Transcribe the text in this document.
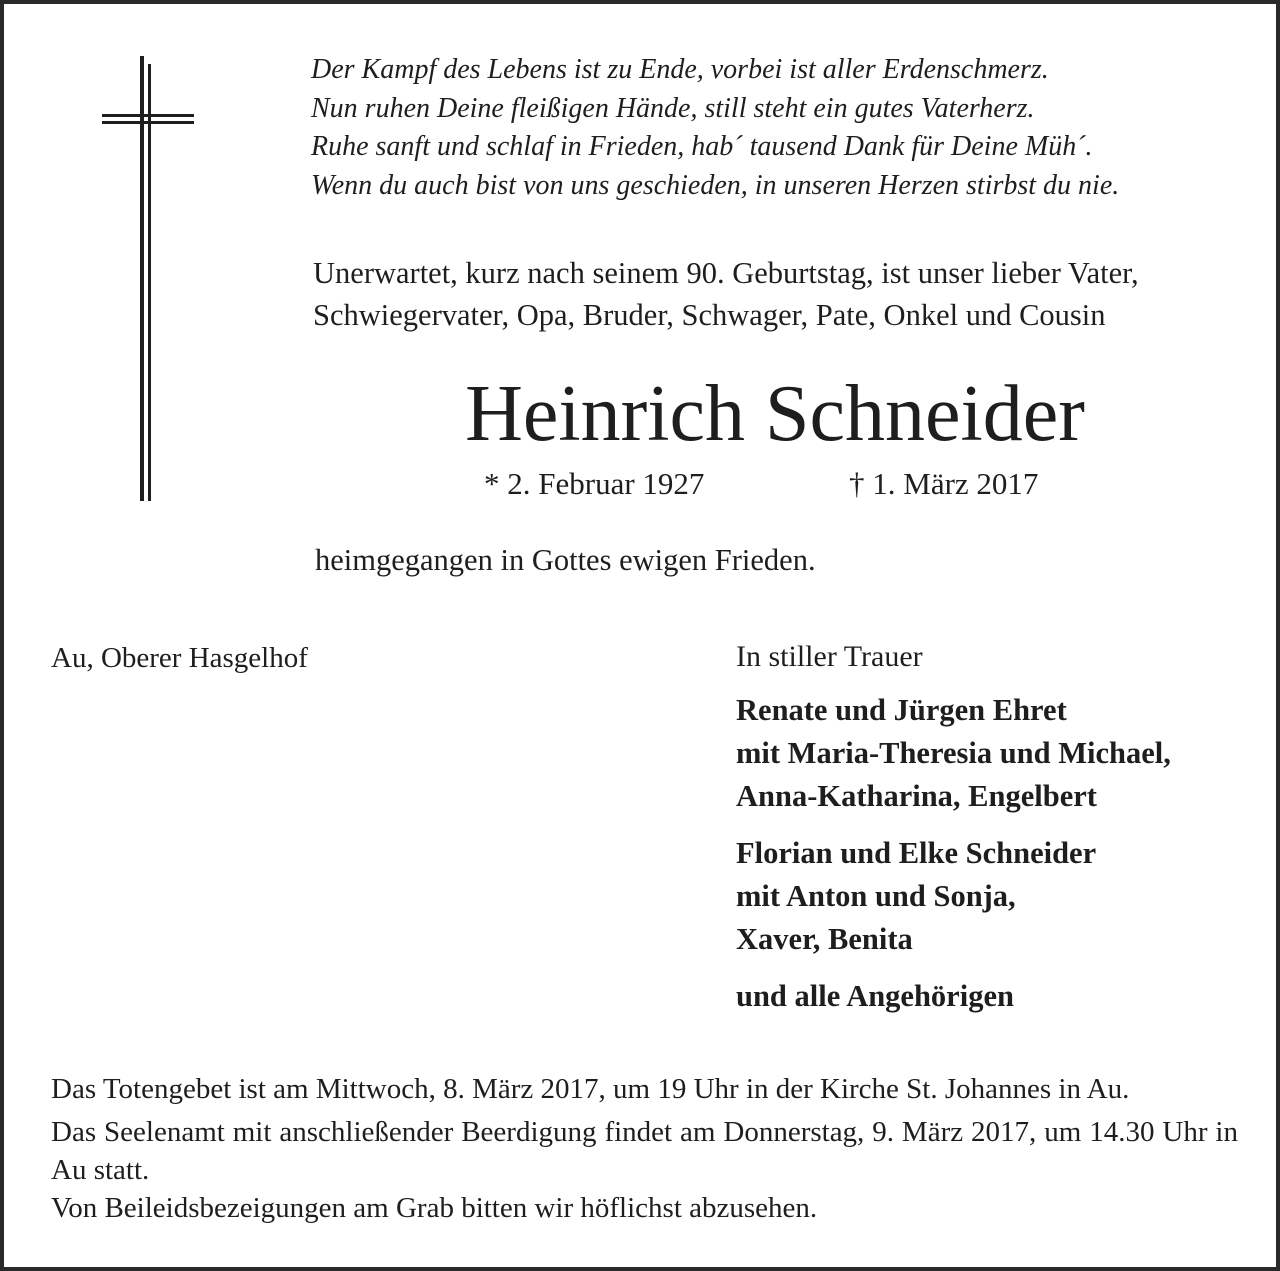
Der Kampf des Lebens ist zu Ende, vorbei ist aller Erdenschmerz.
Nun ruhen Deine fleißigen Hände, still steht ein gutes Vaterherz.
Ruhe sanft und schlaf in Frieden, hab´ tausend Dank für Deine Müh´.
Wenn du auch bist von uns geschieden, in unseren Herzen stirbst du nie.
Unerwartet, kurz nach seinem 90. Geburtstag, ist unser lieber Vater,
Schwiegervater, Opa, Bruder, Schwager, Pate, Onkel und Cousin
Heinrich Schneider
* 2. Februar 1927	† 1. März 2017
heimgegangen in Gottes ewigen Frieden.
Au, Oberer Hasgelhof	In stiller Trauer
Renate und Jürgen Ehret
mit Maria-Theresia und Michael,
Anna-Katharina, Engelbert
Florian und Elke Schneider
mit Anton und Sonja,
Xaver, Benita
und alle Angehörigen

Das Totengebet ist am Mittwoch, 8. März 2017, um 19 Uhr in der Kirche St. Johannes in Au.

Das Seelenamt mit anschließender Beerdigung findet am Donnerstag, 9. März 2017, um 14.30 Uhr in Au statt.

Von Beileidsbezeigungen am Grab bitten wir höflichst abzusehen.
